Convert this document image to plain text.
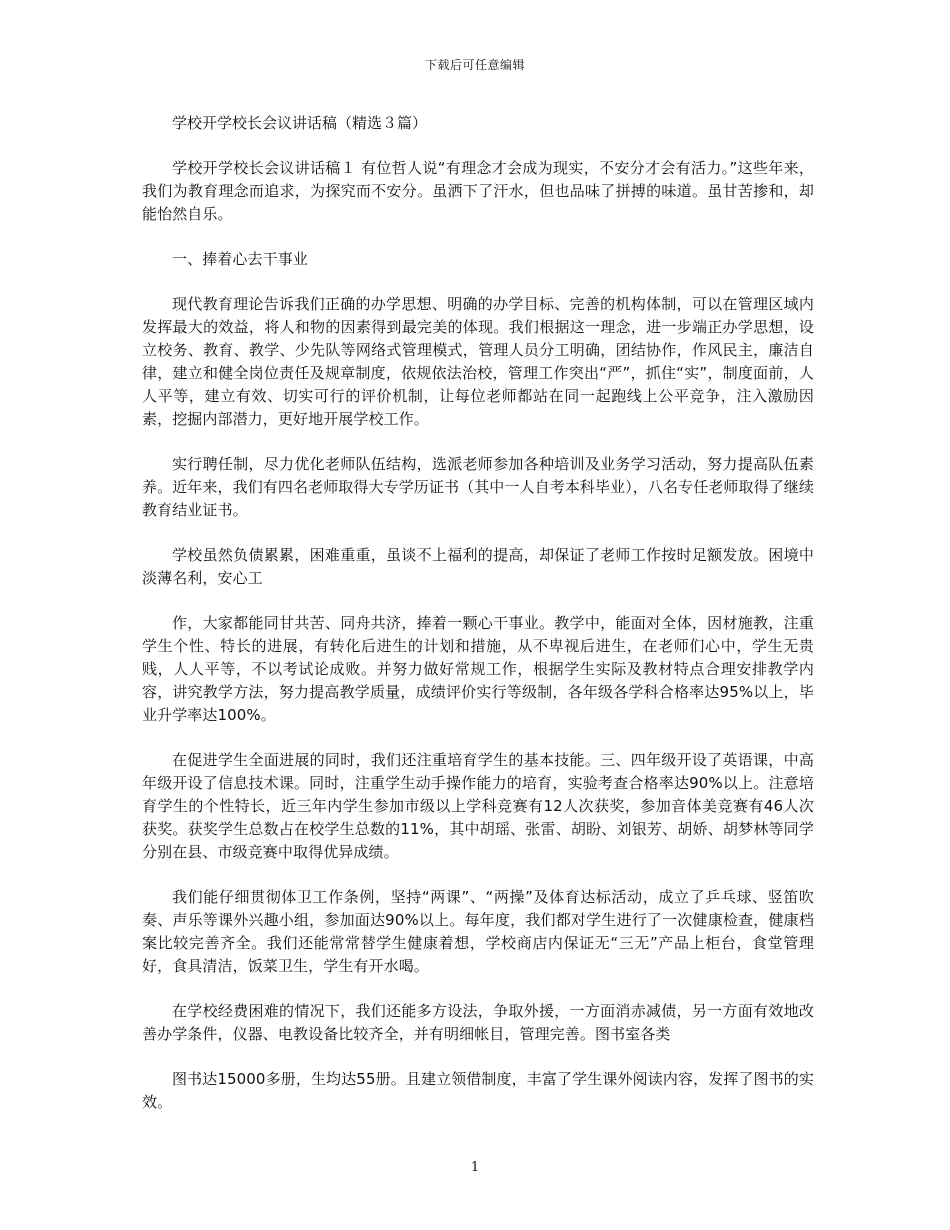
下载后可任意编辑

学校开学校长会议讲话稿（精选３篇）

学校开学校长会议讲话稿１ 有位哲人说“有理念才会成为现实，不安分才会有活力。”这些年来，我们为教育理念而追求，为探究而不安分。虽洒下了汗水，但也品味了拼搏的味道。虽甘苦掺和，却能怡然自乐。

一、捧着心去干事业

现代教育理论告诉我们正确的办学思想、明确的办学目标、完善的机构体制，可以在管理区域内发挥最大的效益，将人和物的因素得到最完美的体现。我们根据这一理念，进一步端正办学思想，设立校务、教育、教学、少先队等网络式管理模式，管理人员分工明确，团结协作，作风民主，廉洁自律，建立和健全岗位责任及规章制度，依规依法治校，管理工作突出“严”，抓住“实”，制度面前，人人平等，建立有效、切实可行的评价机制，让每位老师都站在同一起跑线上公平竞争，注入激励因素，挖掘内部潜力，更好地开展学校工作。

实行聘任制，尽力优化老师队伍结构，选派老师参加各种培训及业务学习活动，努力提高队伍素养。近年来，我们有四名老师取得大专学历证书（其中一人自考本科毕业），八名专任老师取得了继续教育结业证书。

学校虽然负债累累，困难重重，虽谈不上福利的提高，却保证了老师工作按时足额发放。困境中淡薄名利，安心工

作，大家都能同甘共苦、同舟共济，捧着一颗心干事业。教学中，能面对全体，因材施教，注重学生个性、特长的进展，有转化后进生的计划和措施，从不卑视后进生，在老师们心中，学生无贵贱，人人平等，不以考试论成败。并努力做好常规工作，根据学生实际及教材特点合理安排教学内容，讲究教学方法，努力提高教学质量，成绩评价实行等级制，各年级各学科合格率达95%以上，毕业升学率达100%。

在促进学生全面进展的同时，我们还注重培育学生的基本技能。三、四年级开设了英语课，中高年级开设了信息技术课。同时，注重学生动手操作能力的培育，实验考查合格率达90%以上。注意培育学生的个性特长，近三年内学生参加市级以上学科竞赛有12人次获奖，参加音体美竞赛有46人次获奖。获奖学生总数占在校学生总数的11%，其中胡瑶、张雷、胡盼、刘银芳、胡娇、胡梦林等同学分别在县、市级竞赛中取得优异成绩。

我们能仔细贯彻体卫工作条例，坚持“两课”、“两操”及体育达标活动，成立了乒乓球、竖笛吹奏、声乐等课外兴趣小组，参加面达90%以上。每年度，我们都对学生进行了一次健康检查，健康档案比较完善齐全。我们还能常常替学生健康着想，学校商店内保证无“三无”产品上柜台，食堂管理好，食具清洁，饭菜卫生，学生有开水喝。

在学校经费困难的情况下，我们还能多方设法，争取外援，一方面消赤减债，另一方面有效地改善办学条件，仪器、电教设备比较齐全，并有明细帐目，管理完善。图书室各类

图书达15000多册，生均达55册。且建立领借制度，丰富了学生课外阅读内容，发挥了图书的实效。

1
